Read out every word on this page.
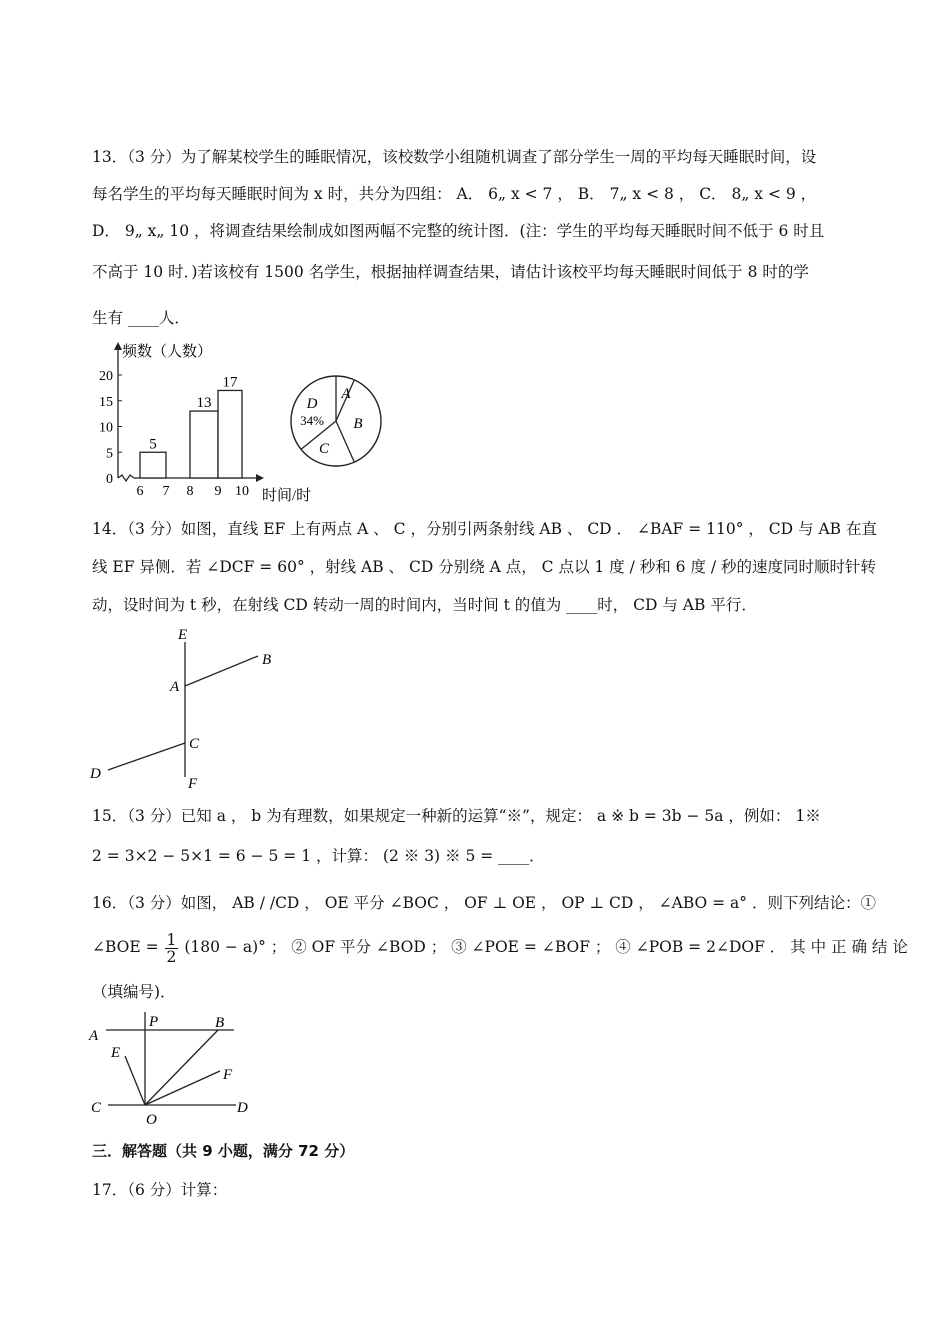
13．（3 分）为了解某校学生的睡眠情况，该校数学小组随机调查了部分学生一周的平均每天睡眠时间，设
每名学生的平均每天睡眠时间为 x 时，共分为四组： A． 6„ x < 7 ， B． 7„ x < 8 ， C． 8„ x < 9 ，
D． 9„ x„ 10 ，将调查结果绘制成如图两幅不完整的统计图．(注：学生的平均每天睡眠时间不低于 6 时且
不高于 10 时．)若该校有 1500 名学生，根据抽样调查结果，请估计该校平均每天睡眠时间低于 8 时的学
生有 ____人．
0
5
10
15
20
6 7 8 9 10
5
13
17
频数（人数）
时间/时
A
B
C
D
34%
14．（3 分）如图，直线 EF 上有两点 A 、 C ，分别引两条射线 AB 、 CD ． ∠BAF = 110° ， CD 与 AB 在直
线 EF 异侧．若 ∠DCF = 60° ，射线 AB 、 CD 分别绕 A 点， C 点以 1 度 / 秒和 6 度 / 秒的速度同时顺时针转
动，设时间为 t 秒，在射线 CD 转动一周的时间内，当时间 t 的值为 ____时， CD 与 AB 平行．
E
B
A
C
D
F
15．（3 分）已知 a ， b 为有理数，如果规定一种新的运算“※”，规定： a ※ b = 3b − 5a ，例如： 1※
2 = 3×2 − 5×1 = 6 − 5 = 1 ，计算： (2 ※ 3) ※ 5 = ____．
16．（3 分）如图， AB / /CD ， OE 平分 ∠BOC ， OF ⊥ OE ， OP ⊥ CD ， ∠ABO = a° ．则下列结论：①
∠BOE = $\frac{1}{2} (180 - a)^\circ$ ； ② OF 平分 ∠BOD ； ③ ∠POE = ∠BOF ； ④ ∠POB = 2∠DOF ． 其 中 正 确 结 论
（填编号)．
A
P	B
E
F
C
O
D
三．解答题（共 9 小题，满分 72 分）
17．（6 分）计算：
